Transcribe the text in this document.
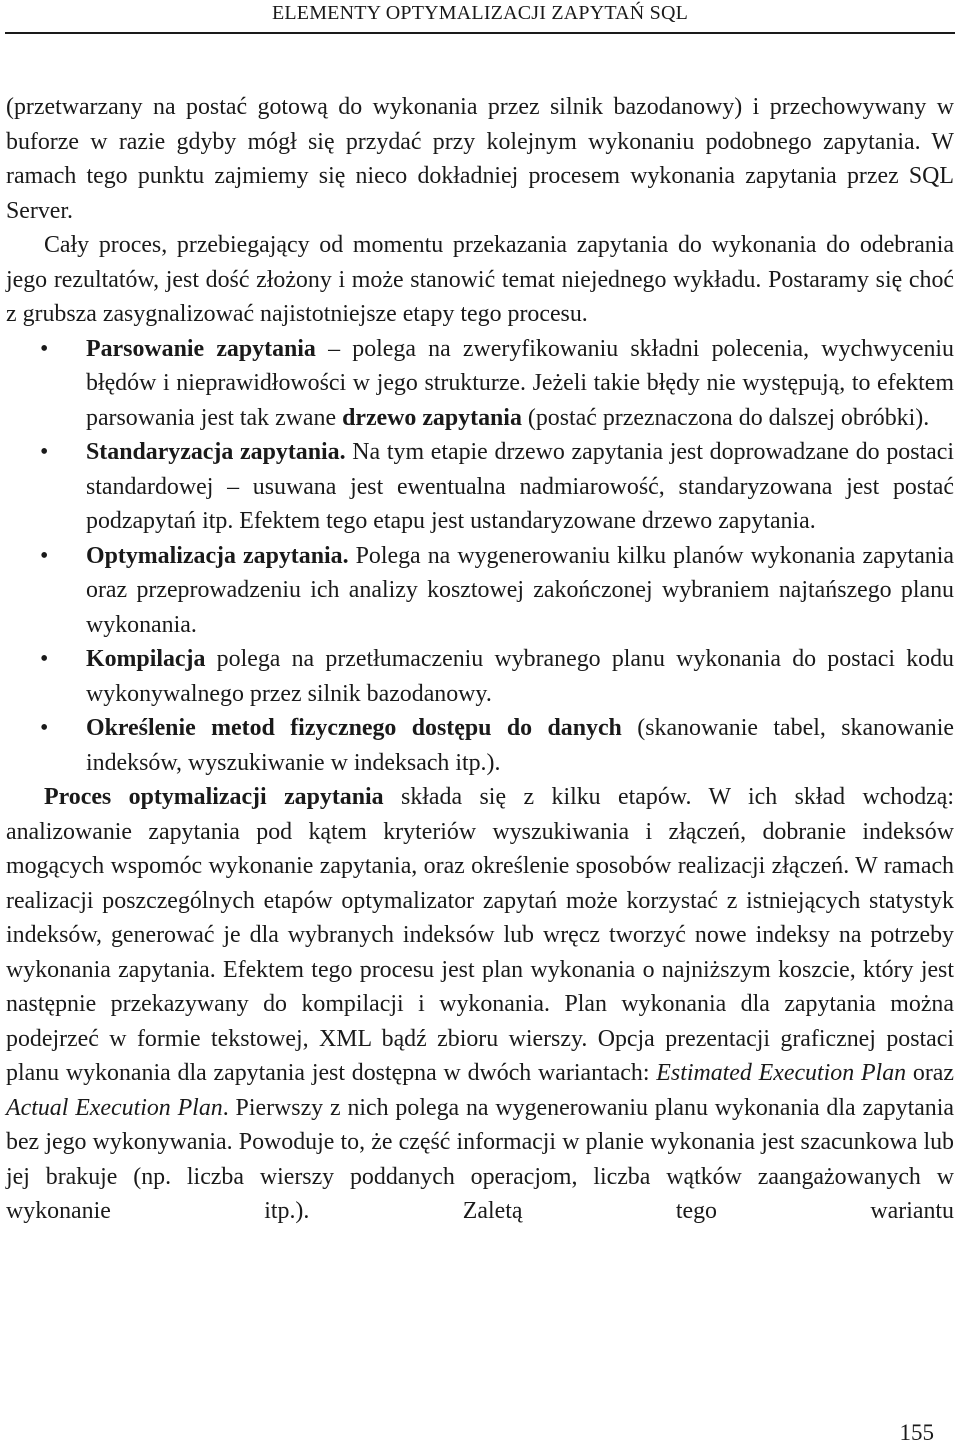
ELEMENTY OPTYMALIZACJI ZAPYTAŃ SQL

(przetwarzany na postać gotową do wykonania przez silnik bazodanowy) i przechowywany w buforze w razie gdyby mógł się przydać przy kolejnym wykonaniu podobnego zapytania. W ramach tego punktu zajmiemy się nieco dokładniej procesem wykonania zapytania przez SQL Server.

Cały proces, przebiegający od momentu przekazania zapytania do wykonania do odebrania jego rezultatów, jest dość złożony i może stanowić temat niejednego wykładu. Postaramy się choć z grubsza zasygnalizować najistotniejsze etapy tego procesu.

• Parsowanie zapytania – polega na zweryfikowaniu składni polecenia, wychwyceniu błędów i nieprawidłowości w jego strukturze. Jeżeli takie błędy nie występują, to efektem parsowania jest tak zwane drzewo zapytania (postać przeznaczona do dalszej obróbki).
• Standaryzacja zapytania. Na tym etapie drzewo zapytania jest doprowadzane do postaci standardowej – usuwana jest ewentualna nadmiarowość, standaryzowana jest postać podzapytań itp. Efektem tego etapu jest ustandaryzowane drzewo zapytania.
• Optymalizacja zapytania. Polega na wygenerowaniu kilku planów wykonania zapytania oraz przeprowadzeniu ich analizy kosztowej zakończonej wybraniem najtańszego planu wykonania.
• Kompilacja polega na przetłumaczeniu wybranego planu wykonania do postaci kodu wykonywalnego przez silnik bazodanowy.
• Określenie metod fizycznego dostępu do danych (skanowanie tabel, skanowanie indeksów, wyszukiwanie w indeksach itp.).

Proces optymalizacji zapytania składa się z kilku etapów. W ich skład wchodzą: analizowanie zapytania pod kątem kryteriów wyszukiwania i złączeń, dobranie indeksów mogących wspomóc wykonanie zapytania, oraz określenie sposobów realizacji złączeń. W ramach realizacji poszczególnych etapów optymalizator zapytań może korzystać z istniejących statystyk indeksów, generować je dla wybranych indeksów lub wręcz tworzyć nowe indeksy na potrzeby wykonania zapytania. Efektem tego procesu jest plan wykonania o najniższym koszcie, który jest następnie przekazywany do kompilacji i wykonania. Plan wykonania dla zapytania można podejrzeć w formie tekstowej, XML bądź zbioru wierszy. Opcja prezentacji graficznej postaci planu wykonania dla zapytania jest dostępna w dwóch wariantach: Estimated Execution Plan oraz Actual Execution Plan. Pierwszy z nich polega na wygenerowaniu planu wykonania dla zapytania bez jego wykonywania. Powoduje to, że część informacji w planie wykonania jest szacunkowa lub jej brakuje (np. liczba wierszy poddanych operacjom, liczba wątków zaangażowanych w wykonanie itp.). Zaletą tego wariantu

155
